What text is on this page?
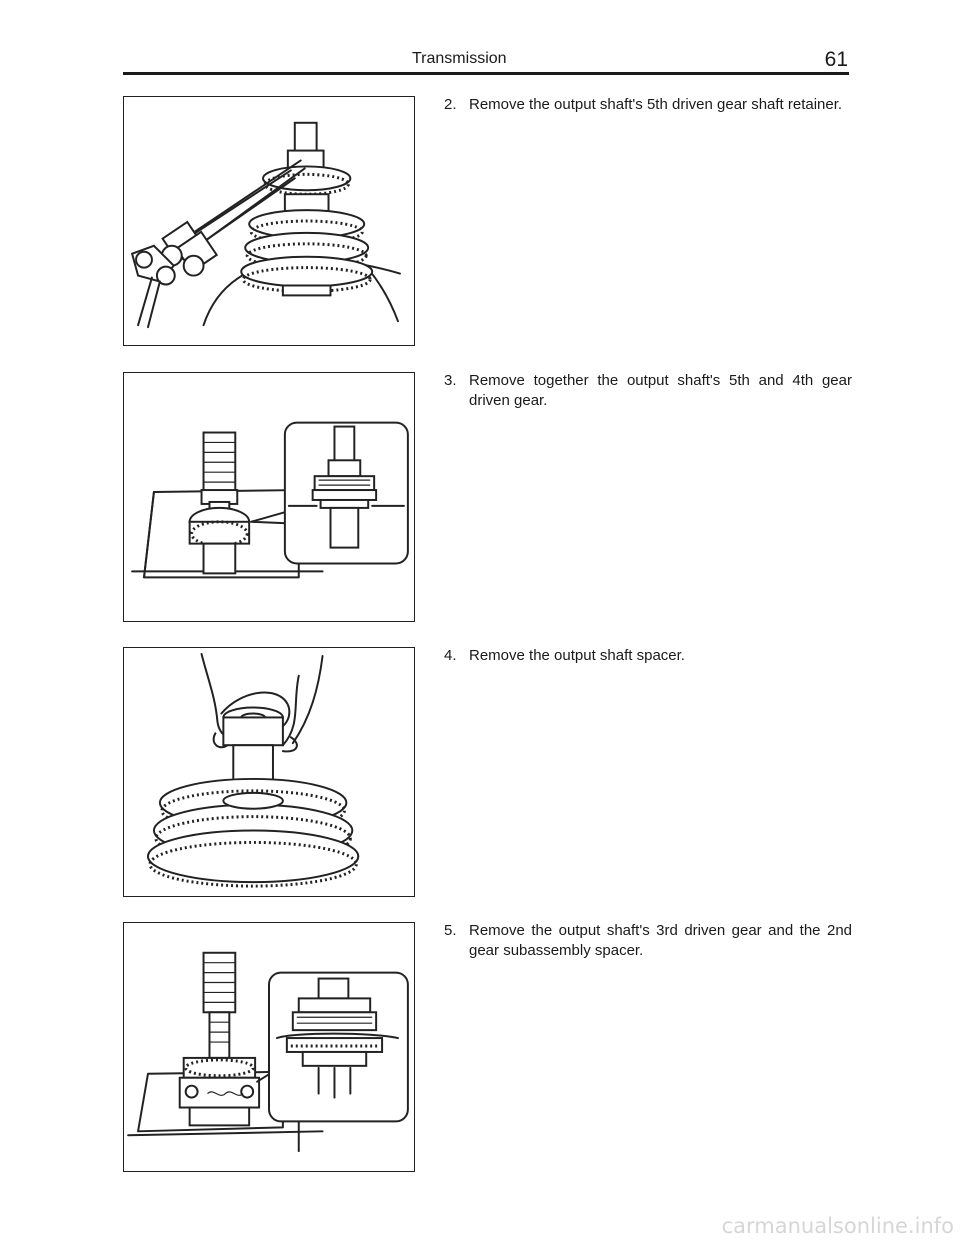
Transmission	61
2. Remove the output shaft's 5th driven gear shaft retainer.
3. Remove together the output shaft's 5th and 4th gear driven gear.
4. Remove the output shaft spacer.
5. Remove the output shaft's 3rd driven gear and the 2nd gear subassembly spacer.
carmanualsonline.info
